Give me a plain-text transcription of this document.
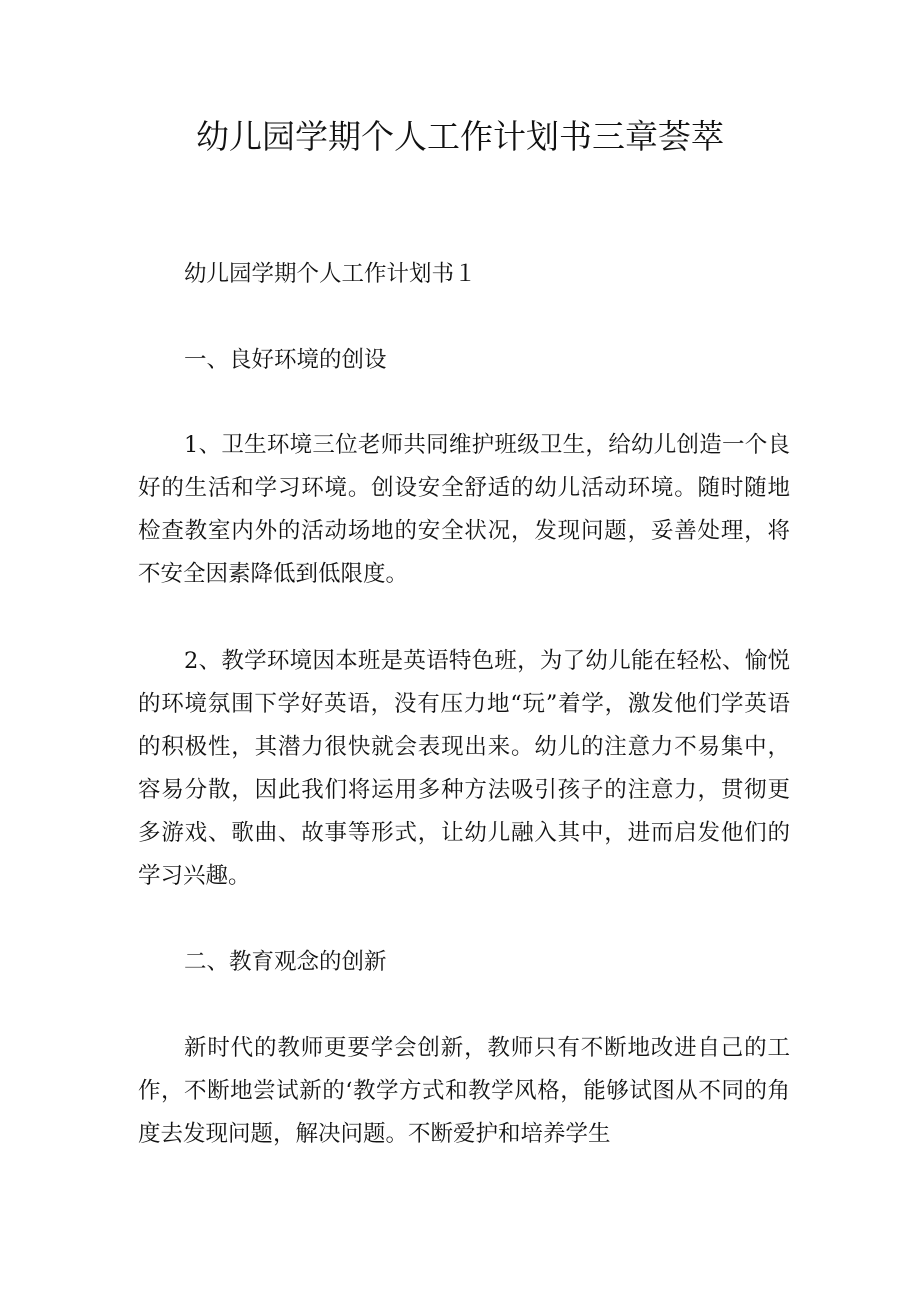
幼儿园学期个人工作计划书三章荟萃

幼儿园学期个人工作计划书１

一、良好环境的创设

1、卫生环境三位老师共同维护班级卫生，给幼儿创造一个良好的生活和学习环境。创设安全舒适的幼儿活动环境。随时随地检查教室内外的活动场地的安全状况，发现问题，妥善处理，将不安全因素降低到低限度。

2、教学环境因本班是英语特色班，为了幼儿能在轻松、愉悦的环境氛围下学好英语，没有压力地“玩”着学，激发他们学英语的积极性，其潜力很快就会表现出来。幼儿的注意力不易集中，容易分散，因此我们将运用多种方法吸引孩子的注意力，贯彻更多游戏、歌曲、故事等形式，让幼儿融入其中，进而启发他们的学习兴趣。

二、教育观念的创新

新时代的教师更要学会创新，教师只有不断地改进自己的工作，不断地尝试新的‘教学方式和教学风格，能够试图从不同的角度去发现问题，解决问题。不断爱护和培养学生
